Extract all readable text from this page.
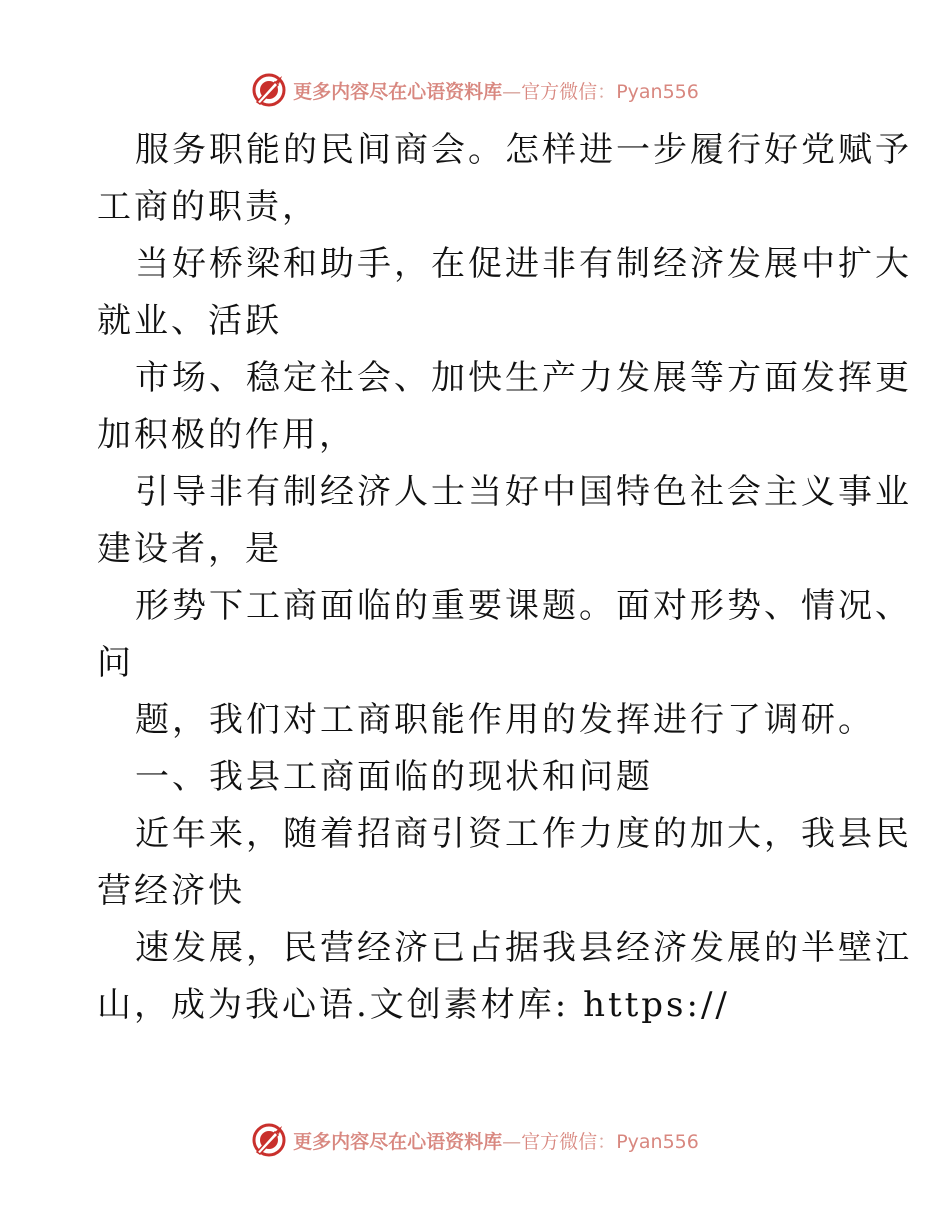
更多内容尽在心语资料库—官方微信：Pyan556
服务职能的民间商会。怎样进一步履行好党赋予
工商的职责，
当好桥梁和助手，在促进非有制经济发展中扩大
就业、活跃
市场、稳定社会、加快生产力发展等方面发挥更
加积极的作用，
引导非有制经济人士当好中国特色社会主义事业
建设者，是
形势下工商面临的重要课题。面对形势、情况、
问
题，我们对工商职能作用的发挥进行了调研。
一、我县工商面临的现状和问题
近年来，随着招商引资工作力度的加大，我县民
营经济快
速发展，民营经济已占据我县经济发展的半壁江
山，成为我心语.文创素材库: https://
更多内容尽在心语资料库—官方微信：Pyan556
